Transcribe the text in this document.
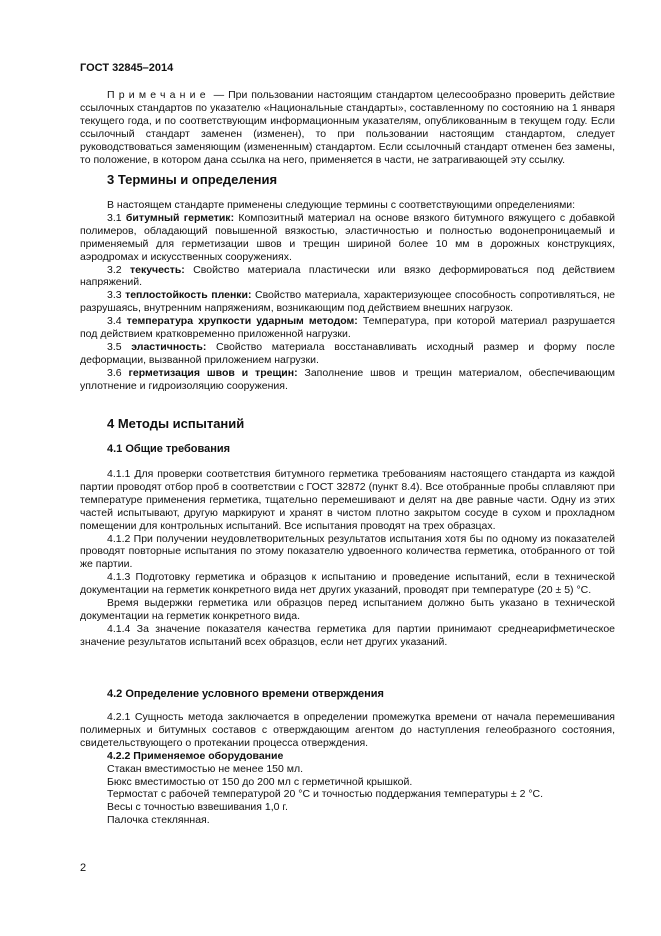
ГОСТ 32845–2014

Примечание — При пользовании настоящим стандартом целесообразно проверить действие ссылочных стандартов по указателю «Национальные стандарты», составленному по состоянию на 1 января текущего года, и по соответствующим информационным указателям, опубликованным в текущем году. Если ссылочный стандарт заменен (изменен), то при пользовании настоящим стандартом, следует руководствоваться заменяющим (измененным) стандартом. Если ссылочный стандарт отменен без замены, то положение, в котором дана ссылка на него, применяется в части, не затрагивающей эту ссылку.

3 Термины и определения

В настоящем стандарте применены следующие термины с соответствующими определениями:

3.1 битумный герметик: Композитный материал на основе вязкого битумного вяжущего с добавкой полимеров, обладающий повышенной вязкостью, эластичностью и полностью водонепроницаемый и применяемый для герметизации швов и трещин шириной более 10 мм в дорожных конструкциях, аэродромах и искусственных сооружениях.

3.2 текучесть: Свойство материала пластически или вязко деформироваться под действием напряжений.

3.3 теплостойкость пленки: Свойство материала, характеризующее способность сопротивляться, не разрушаясь, внутренним напряжениям, возникающим под действием внешних нагрузок.

3.4 температура хрупкости ударным методом: Температура, при которой материал разрушается под действием кратковременно приложенной нагрузки.

3.5 эластичность: Свойство материала восстанавливать исходный размер и форму после деформации, вызванной приложением нагрузки.

3.6 герметизация швов и трещин: Заполнение швов и трещин материалом, обеспечивающим уплотнение и гидроизоляцию сооружения.

4 Методы испытаний
4.1 Общие требования

4.1.1 Для проверки соответствия битумного герметика требованиям настоящего стандарта из каждой партии проводят отбор проб в соответствии с ГОСТ 32872 (пункт 8.4). Все отобранные пробы сплавляют при температуре применения герметика, тщательно перемешивают и делят на две равные части. Одну из этих частей испытывают, другую маркируют и хранят в чистом плотно закрытом сосуде в сухом и прохладном помещении для контрольных испытаний. Все испытания проводят на трех образцах.

4.1.2 При получении неудовлетворительных результатов испытания хотя бы по одному из показателей проводят повторные испытания по этому показателю удвоенного количества герметика, отобранного от той же партии.

4.1.3 Подготовку герметика и образцов к испытанию и проведение испытаний, если в технической документации на герметик конкретного вида нет других указаний, проводят при температуре (20 ± 5) °С.

Время выдержки герметика или образцов перед испытанием должно быть указано в технической документации на герметик конкретного вида.

4.1.4 За значение показателя качества герметика для партии принимают среднеарифметическое значение результатов испытаний всех образцов, если нет других указаний.

4.2 Определение условного времени отверждения

4.2.1 Сущность метода заключается в определении промежутка времени от начала перемешивания полимерных и битумных составов с отверждающим агентом до наступления гелеобразного состояния, свидетельствующего о протекании процесса отверждения.

4.2.2 Применяемое оборудование

Стакан вместимостью не менее 150 мл.

Бюкс вместимостью от 150 до 200 мл с герметичной крышкой.

Термостат с рабочей температурой 20 °С и точностью поддержания температуры ± 2 °С.

Весы с точностью взвешивания 1,0 г.

Палочка стеклянная.

2
